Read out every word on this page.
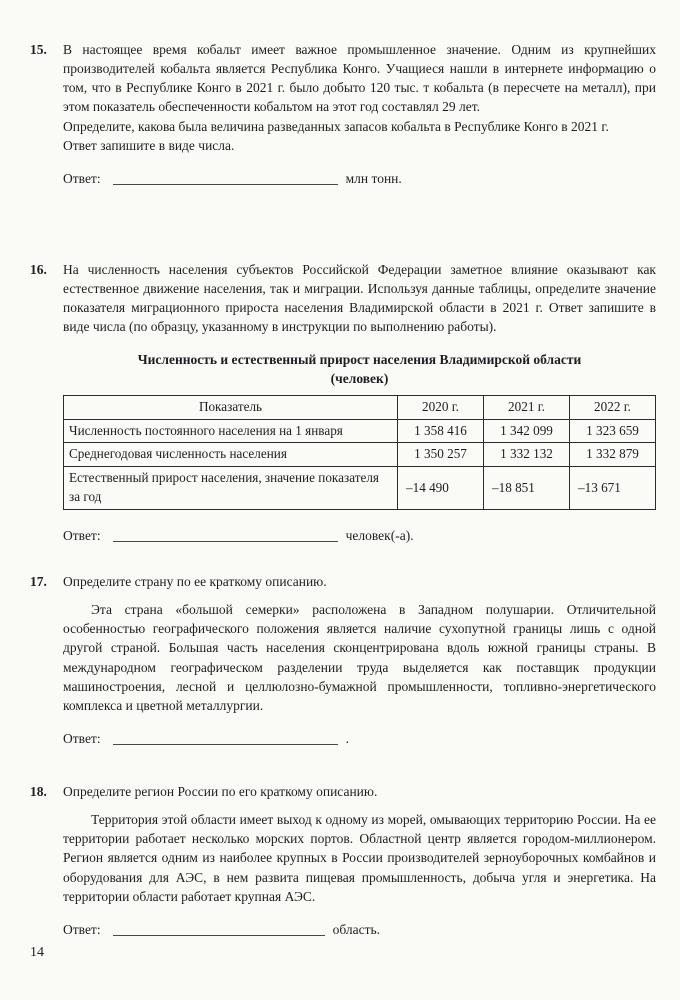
15.	В настоящее время кобальт имеет важное промышленное значение. Одним из крупнейших производителей кобальта является Республика Конго. Учащиеся нашли в интернете информацию о том, что в Республике Конго в 2021 г. было добыто 120 тыс. т кобальта (в пересчете на металл), при этом показатель обеспеченности кобальтом на этот год составлял 29 лет.

Определите, какова была величина разведанных запасов кобальта в Республике Конго в 2021 г.

Ответ запишите в виде числа.

Ответ:	млн тонн.
16.	На численность населения субъектов Российской Федерации заметное влияние оказывают как естественное движение населения, так и миграции. Используя данные таблицы, определите значение показателя миграционного прироста населения Владимирской области в 2021 г. Ответ запишите в виде числа (по образцу, указанному в инструкции по выполнению работы).

Численность и естественный прирост населения Владимирской области

(человек)

Показатель	2020 г.	2021 г.	2022 г.
Численность постоянного населения на 1 января	1 358 416	1 342 099	1 323 659
Среднегодовая численность населения	1 350 257	1 332 132	1 332 879
Естественный прирост населения, значение показателя за год	–14 490	–18 851	–13 671
Ответ:	человек(-а).
17.	Определите страну по ее краткому описанию.

Эта страна «большой семерки» расположена в Западном полушарии. Отличительной особенностью географического положения является наличие сухопутной границы лишь с одной другой страной. Большая часть населения сконцентрирована вдоль южной границы страны. В международном географическом разделении труда выделяется как поставщик продукции машиностроения, лесной и целлюлозно-бумажной промышленности, топливно-энергетического комплекса и цветной металлургии.

Ответ:	.
18.	Определите регион России по его краткому описанию.

Территория этой области имеет выход к одному из морей, омывающих территорию России. На ее территории работает несколько морских портов. Областной центр является городом-миллионером. Регион является одним из наиболее крупных в России производителей зерноуборочных комбайнов и оборудования для АЭС, в нем развита пищевая промышленность, добыча угля и энергетика. На территории области работает крупная АЭС.

Ответ:	область.
14
